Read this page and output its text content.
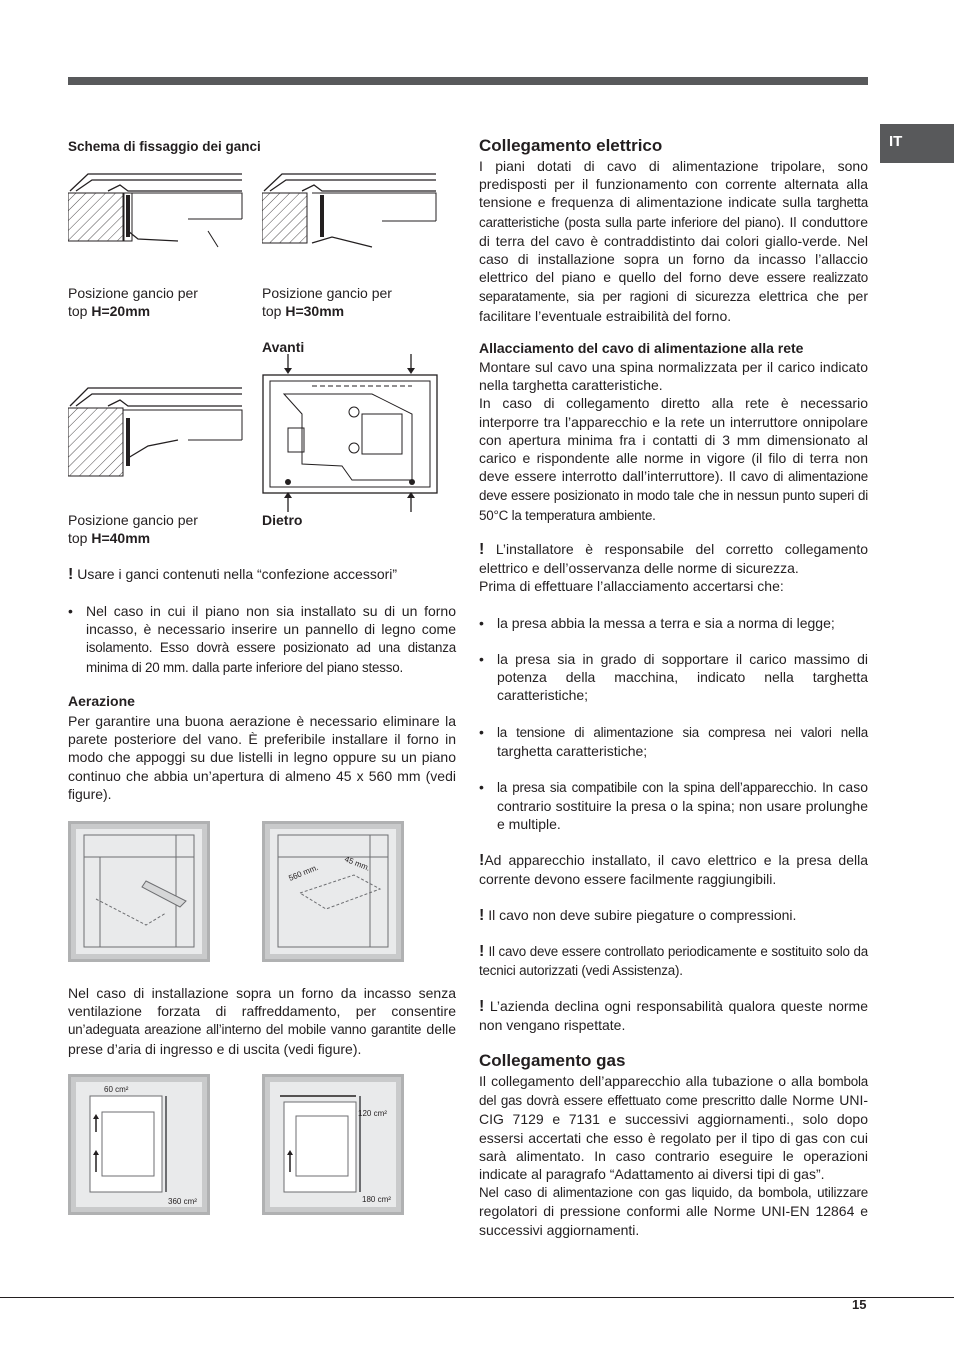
IT
Schema di fissaggio dei ganci
Posizione gancio per
top H=20mm
Posizione gancio per
top H=30mm
Avanti
Posizione gancio per
top H=40mm
Dietro
! Usare i ganci contenuti nella “confezione accessori”
• Nel caso in cui il piano non sia installato su di un forno incasso, è necessario inserire un pannello di legno come isolamento. Esso dovrà essere posizionato ad una distanza minima di 20 mm. dalla parte inferiore del piano stesso.
Aerazione
Per garantire una buona aerazione è necessario eliminare la parete posteriore del vano. È preferibile installare il forno in modo che appoggi su due listelli in legno oppure su un piano continuo che abbia un’apertura di almeno 45 x 560 mm (vedi figure).
560 mm.	45 mm.
Nel caso di installazione sopra un forno da incasso senza ventilazione forzata di raffreddamento, per consentire un’adeguata areazione all’interno del mobile vanno garantite delle prese d’aria di ingresso e di uscita (vedi figure).
60 cm²
360 cm²
120 cm²
180 cm²
Collegamento elettrico
I piani dotati di cavo di alimentazione tripolare, sono predisposti per il funzionamento con corrente alternata alla tensione e frequenza di alimentazione indicate sulla targhetta caratteristiche (posta sulla parte inferiore del piano). Il conduttore di terra del cavo è contraddistinto dai colori giallo-verde. Nel caso di installazione sopra un forno da incasso l’allaccio elettrico del piano e quello del forno deve essere realizzato separatamente, sia per ragioni di sicurezza elettrica che per facilitare l’eventuale estraibilità del forno.
Allacciamento del cavo di alimentazione alla rete
Montare sul cavo una spina normalizzata per il carico indicato nella targhetta caratteristiche.
In caso di collegamento diretto alla rete è necessario interporre tra l’apparecchio e la rete un interruttore onnipolare con apertura minima fra i contatti di 3 mm dimensionato al carico e rispondente alle norme in vigore (il filo di terra non deve essere interrotto dall’interruttore). Il cavo di alimentazione deve essere posizionato in modo tale che in nessun punto superi di 50°C la temperatura ambiente.
! L’installatore è responsabile del corretto collegamento elettrico e dell’osservanza delle norme di sicurezza.
Prima di effettuare l’allacciamento accertarsi che:
• la presa abbia la messa a terra e sia a norma di legge;
• la presa sia in grado di sopportare il carico massimo di potenza della macchina, indicato nella targhetta caratteristiche;
• la tensione di alimentazione sia compresa nei valori nella targhetta caratteristiche;
• la presa sia compatibile con la spina dell’apparecchio. In caso contrario sostituire la presa o la spina; non usare prolunghe e multiple.
!Ad apparecchio installato, il cavo elettrico e la presa della corrente devono essere facilmente raggiungibili.
! Il cavo non deve subire piegature o compressioni.
! Il cavo deve essere controllato periodicamente e sostituito solo da tecnici autorizzati (vedi Assistenza).
! L’azienda declina ogni responsabilità qualora queste norme non vengano rispettate.
Collegamento gas
Il collegamento dell’apparecchio alla tubazione o alla bombola del gas dovrà essere effettuato come prescritto dalle Norme UNI-CIG 7129 e 7131 e successivi aggiornamenti., solo dopo essersi accertati che esso è regolato per il tipo di gas con cui sarà alimentato. In caso contrario eseguire le operazioni indicate al paragrafo “Adattamento ai diversi tipi di gas”.
Nel caso di alimentazione con gas liquido, da bombola, utilizzare regolatori di pressione conformi alle Norme UNI-EN 12864 e successivi aggiornamenti.
15
